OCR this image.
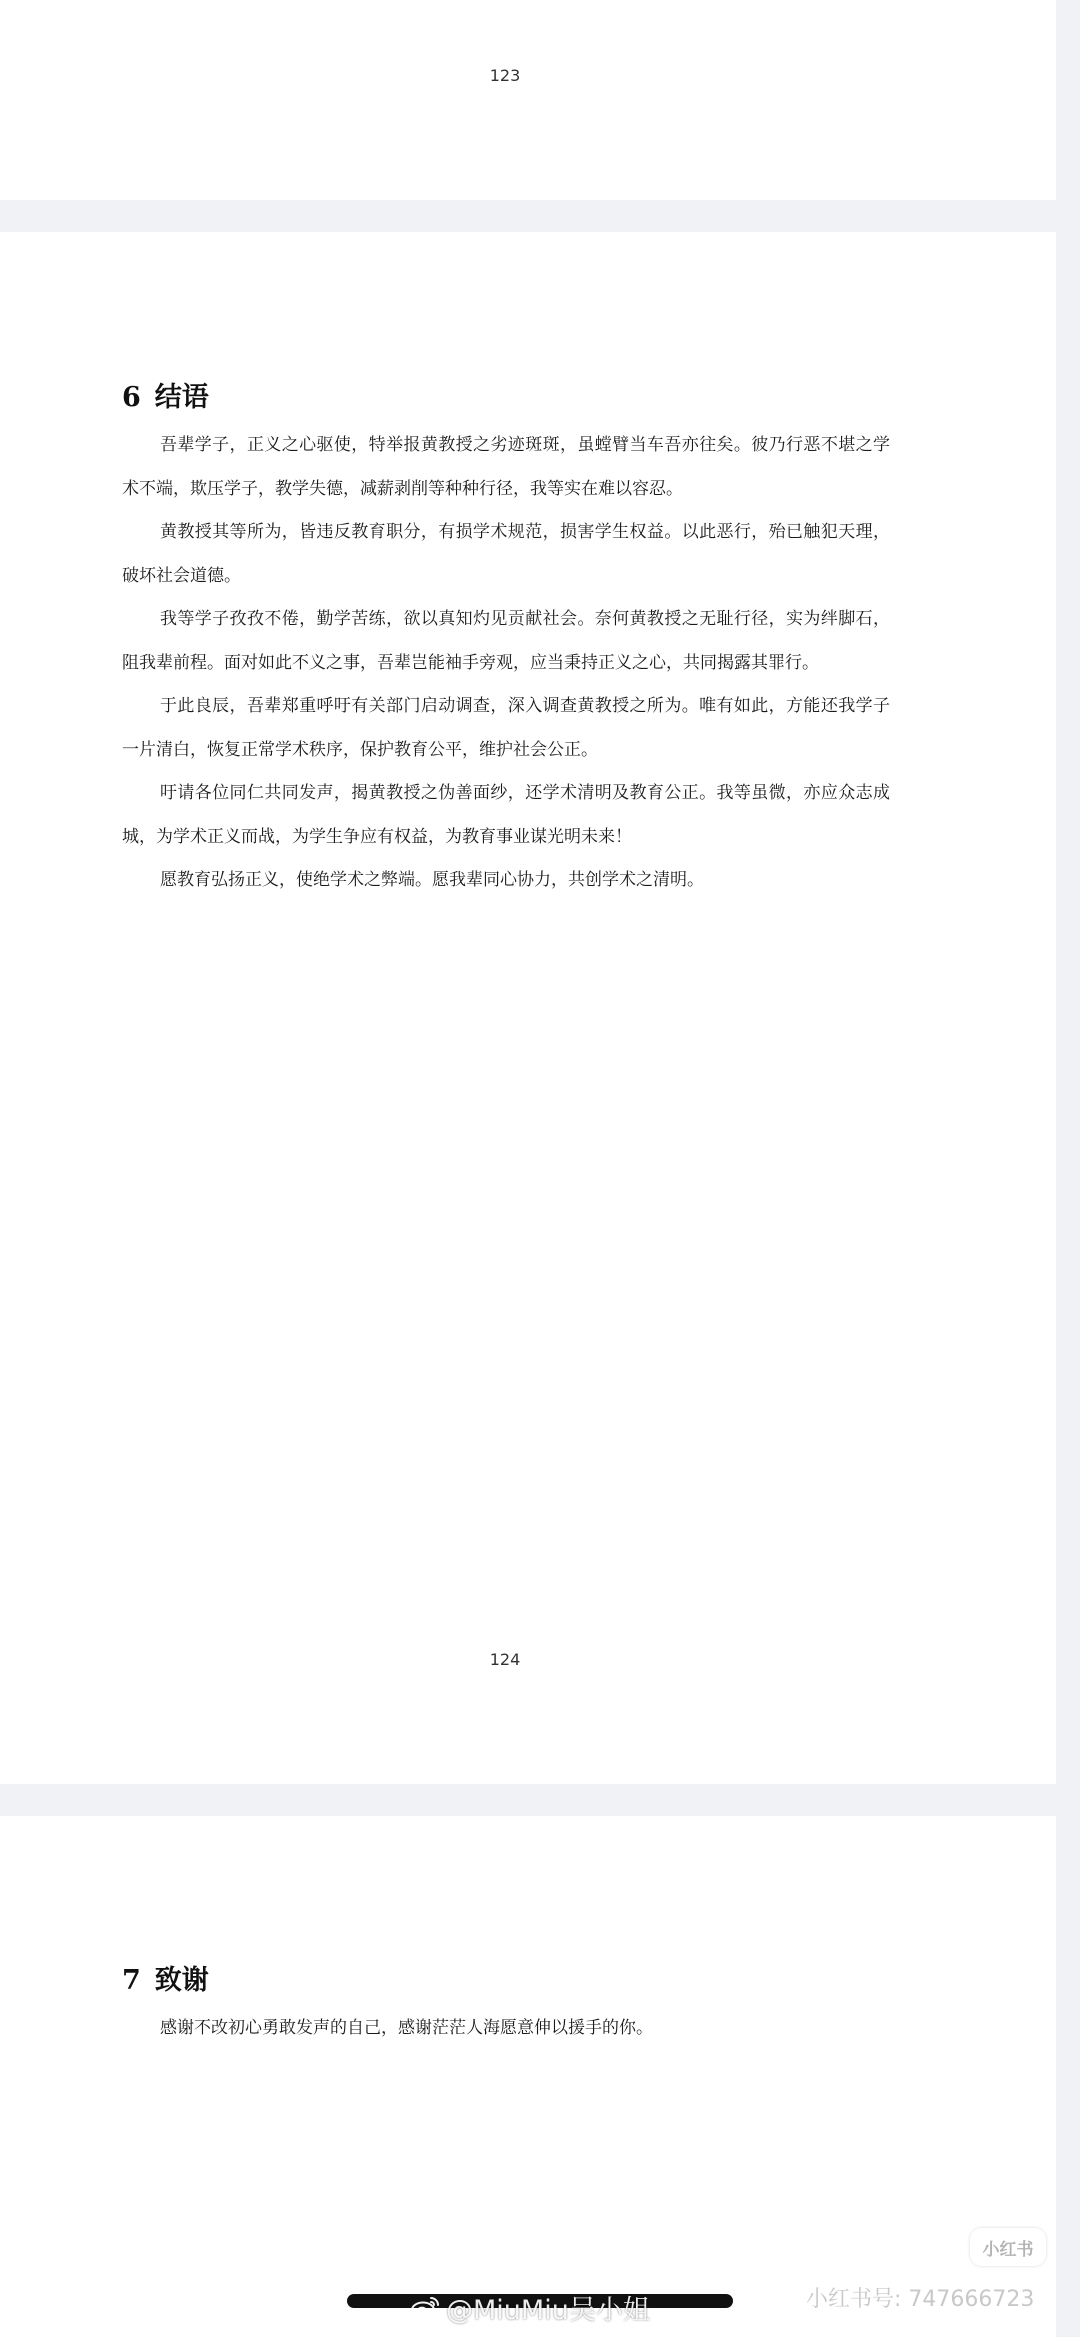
123
6 结语

吾辈学子，正义之心驱使，特举报黄教授之劣迹斑斑，虽螳臂当车吾亦往矣。彼乃行恶不堪之学术不端，欺压学子，教学失德，减薪剥削等种种行径，我等实在难以容忍。

黄教授其等所为，皆违反教育职分，有损学术规范，损害学生权益。以此恶行，殆已触犯天理，破坏社会道德。

我等学子孜孜不倦，勤学苦练，欲以真知灼见贡献社会。奈何黄教授之无耻行径，实为绊脚石，阻我辈前程。面对如此不义之事，吾辈岂能袖手旁观，应当秉持正义之心，共同揭露其罪行。

于此良辰，吾辈郑重呼吁有关部门启动调查，深入调查黄教授之所为。唯有如此，方能还我学子一片清白，恢复正常学术秩序，保护教育公平，维护社会公正。

吁请各位同仁共同发声，揭黄教授之伪善面纱，还学术清明及教育公正。我等虽微，亦应众志成城，为学术正义而战，为学生争应有权益，为教育事业谋光明未来！

愿教育弘扬正义，使绝学术之弊端。愿我辈同心协力，共创学术之清明。

124
7 致谢

感谢不改初心勇敢发声的自己，感谢茫茫人海愿意伸以援手的你。

小红书
小红书号: 747666723
@MiuMiu吴小姐
